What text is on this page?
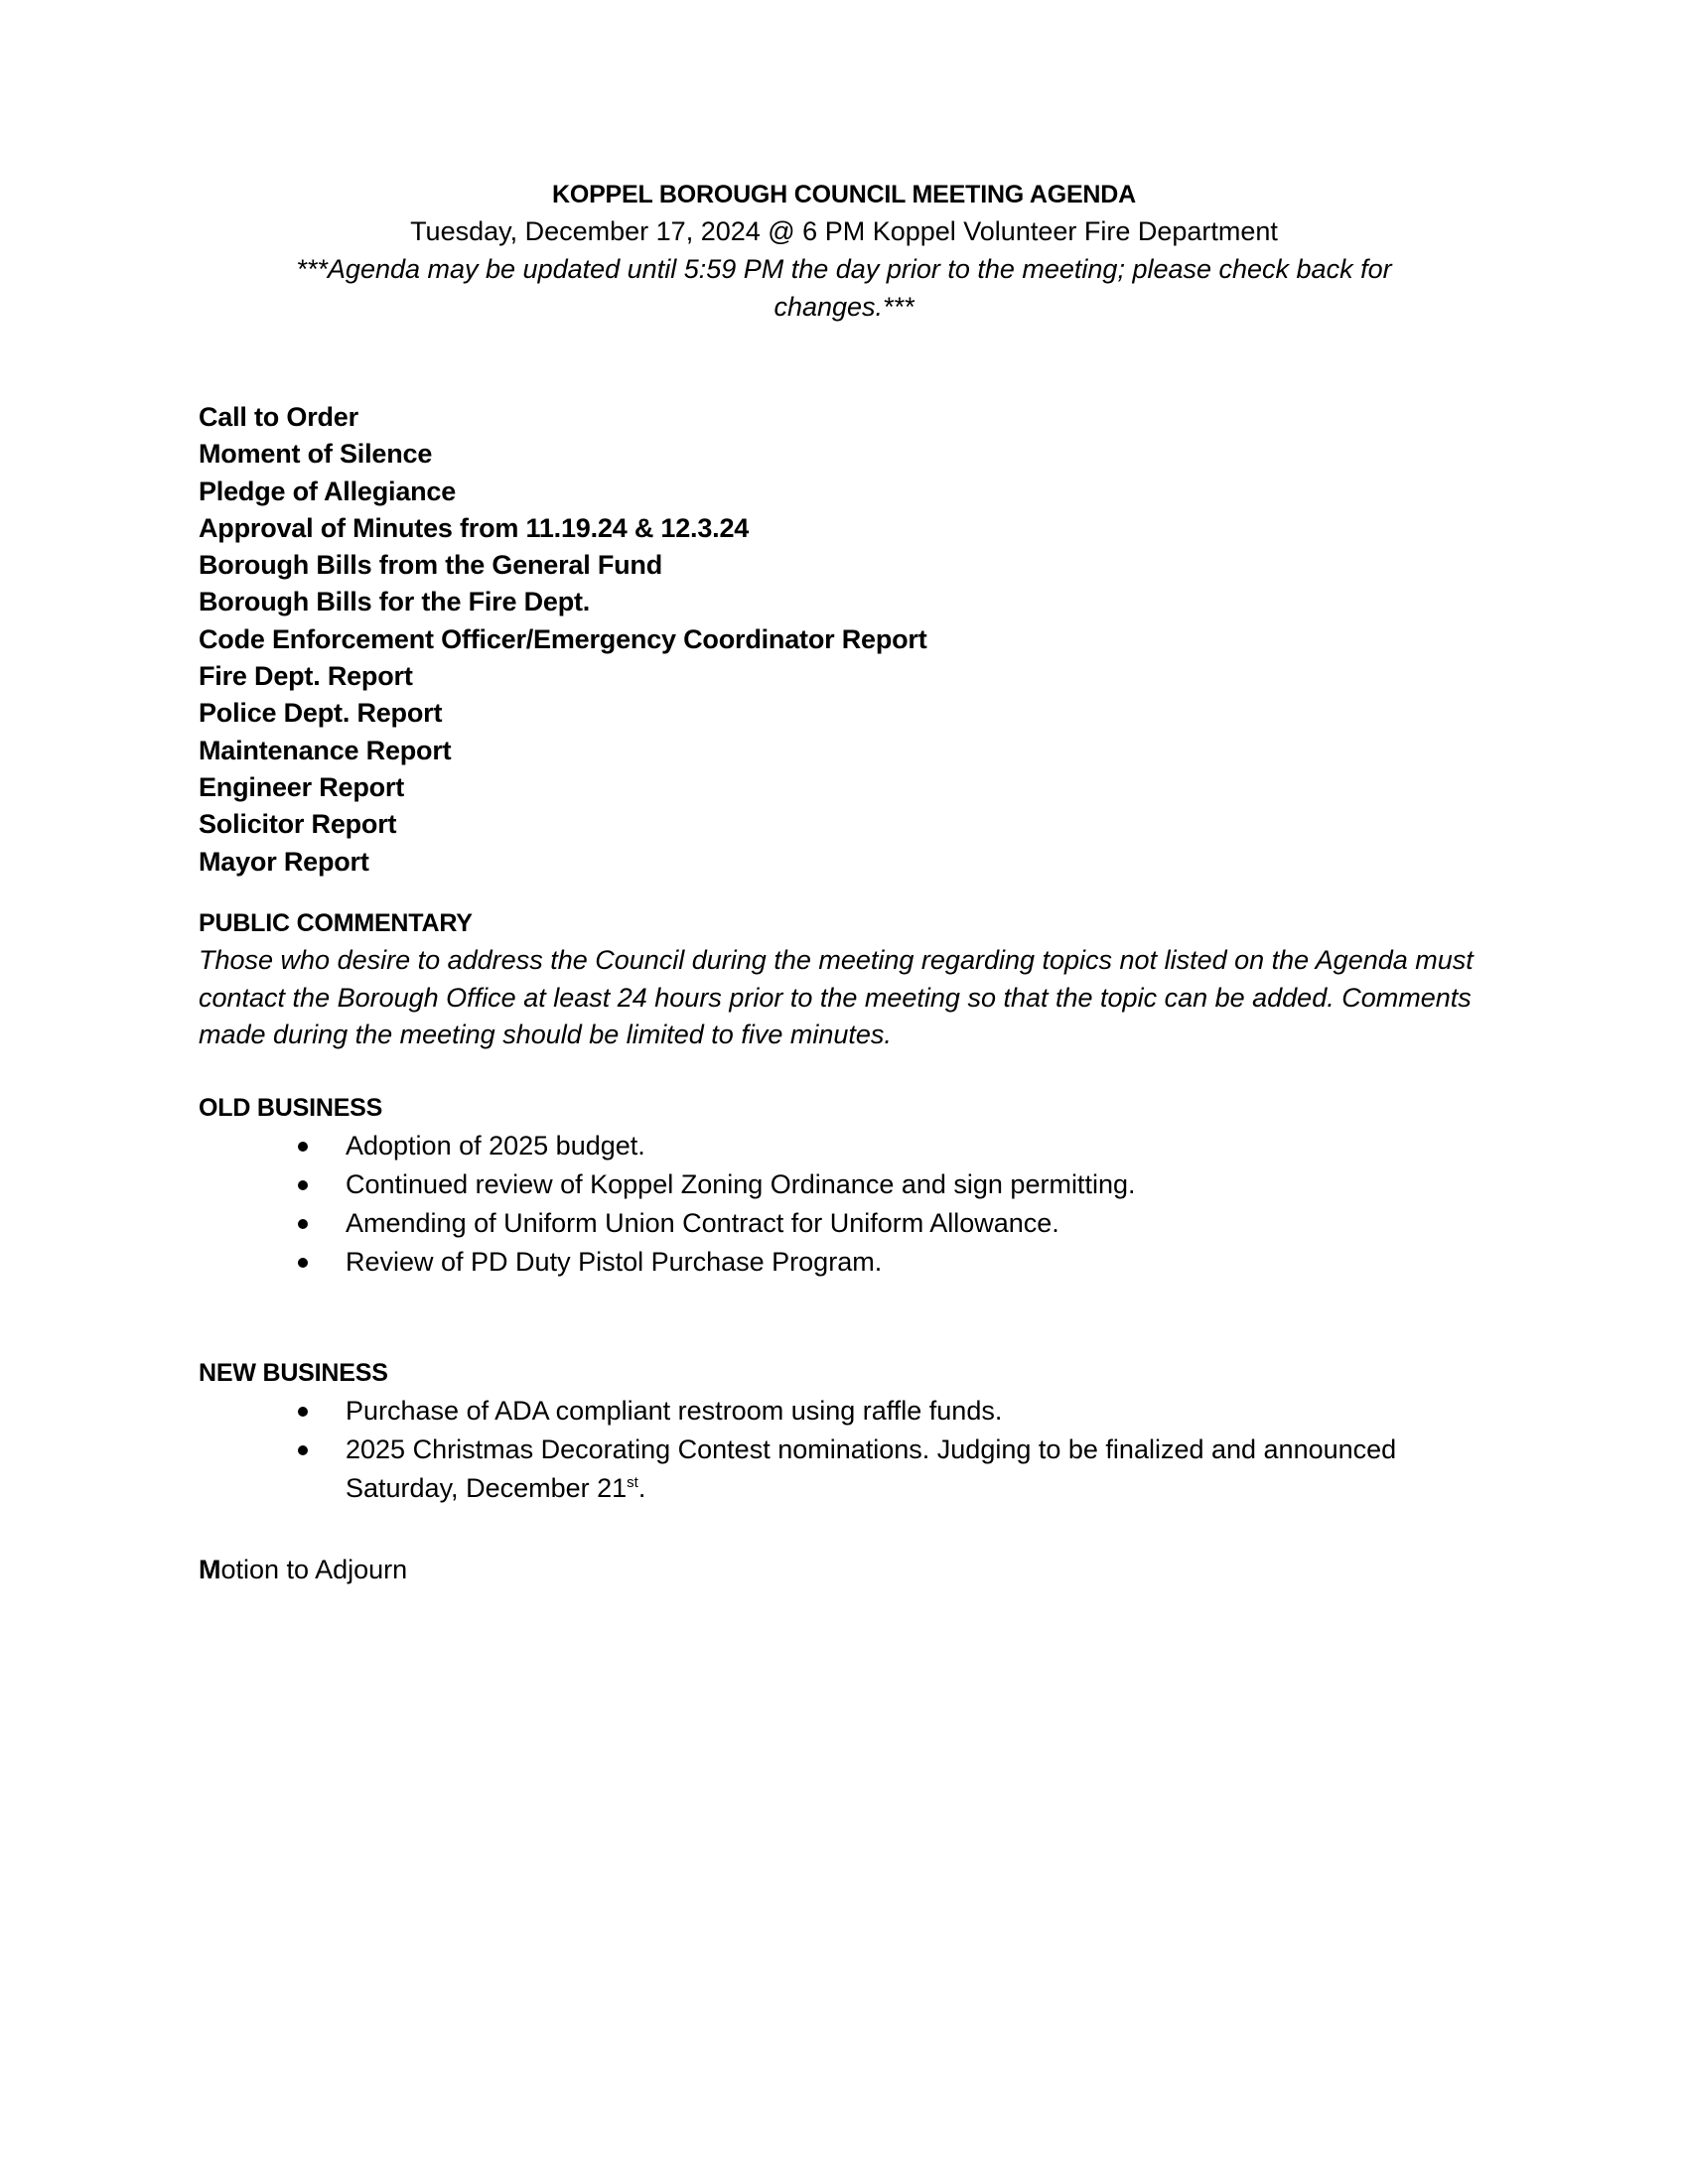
KOPPEL BOROUGH COUNCIL MEETING AGENDA
Tuesday, December 17, 2024 @ 6 PM Koppel Volunteer Fire Department
***Agenda may be updated until 5:59 PM the day prior to the meeting; please check back for changes.***
Call to Order
Moment of Silence
Pledge of Allegiance
Approval of Minutes from 11.19.24 & 12.3.24
Borough Bills from the General Fund
Borough Bills for the Fire Dept.
Code Enforcement Officer/Emergency Coordinator Report
Fire Dept. Report
Police Dept. Report
Maintenance Report
Engineer Report
Solicitor Report
Mayor Report
PUBLIC COMMENTARY
Those who desire to address the Council during the meeting regarding topics not listed on the Agenda must contact the Borough Office at least 24 hours prior to the meeting so that the topic can be added. Comments made during the meeting should be limited to five minutes.
OLD BUSINESS
Adoption of 2025 budget.
Continued review of Koppel Zoning Ordinance and sign permitting.
Amending of Uniform Union Contract for Uniform Allowance.
Review of PD Duty Pistol Purchase Program.
NEW BUSINESS
Purchase of ADA compliant restroom using raffle funds.
2025 Christmas Decorating Contest nominations. Judging to be finalized and announced Saturday, December 21st.
Motion to Adjourn
